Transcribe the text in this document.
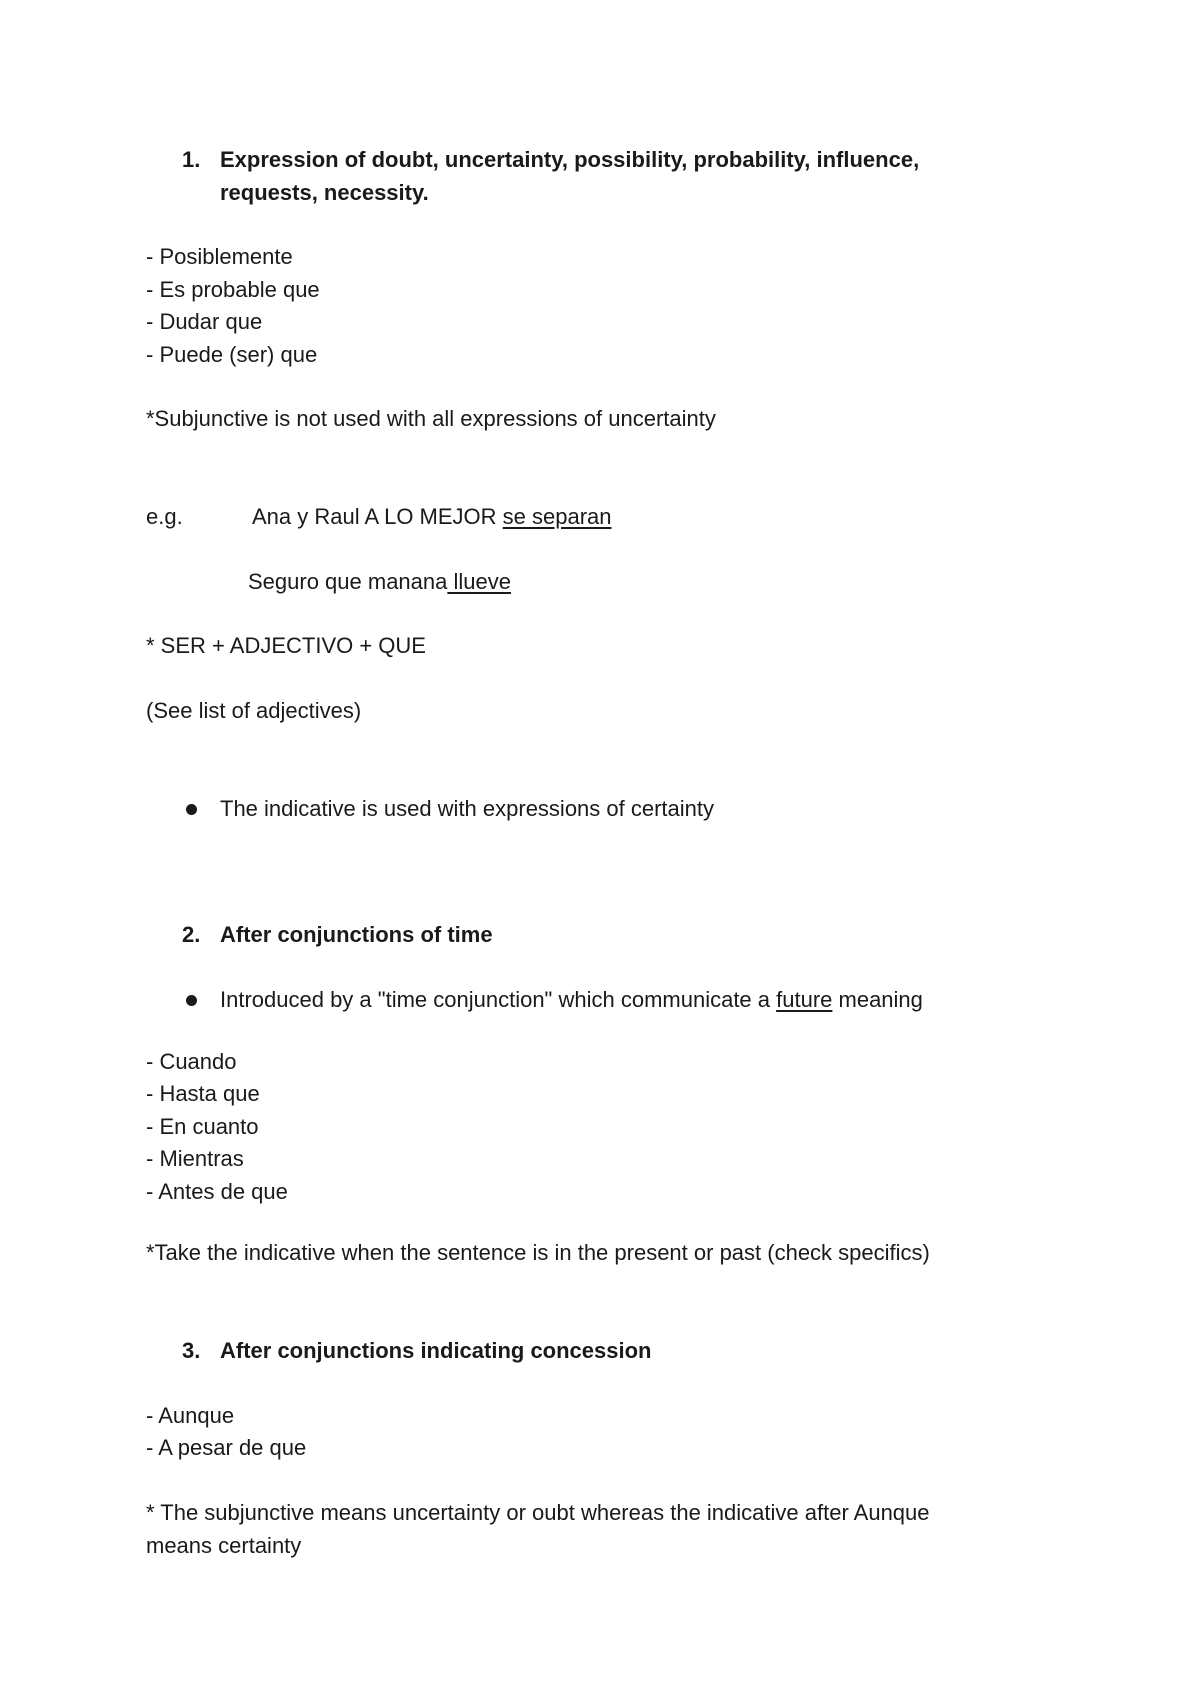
1. Expression of doubt, uncertainty, possibility, probability, influence,
requests, necessity.
- Posiblemente
- Es probable que
- Dudar que
- Puede (ser) que
*Subjunctive is not used with all expressions of uncertainty
e.g.	Ana y Raul A LO MEJOR se separan
Seguro que manana llueve
* SER + ADJECTIVO + QUE
(See list of adjectives)
The indicative is used with expressions of certainty
2. After conjunctions of time
Introduced by a "time conjunction" which communicate a future meaning
- Cuando
- Hasta que
- En cuanto
- Mientras
- Antes de que
*Take the indicative when the sentence is in the present or past (check specifics)
3. After conjunctions indicating concession
- Aunque
- A pesar de que
* The subjunctive means uncertainty or oubt whereas the indicative after Aunque
means certainty
